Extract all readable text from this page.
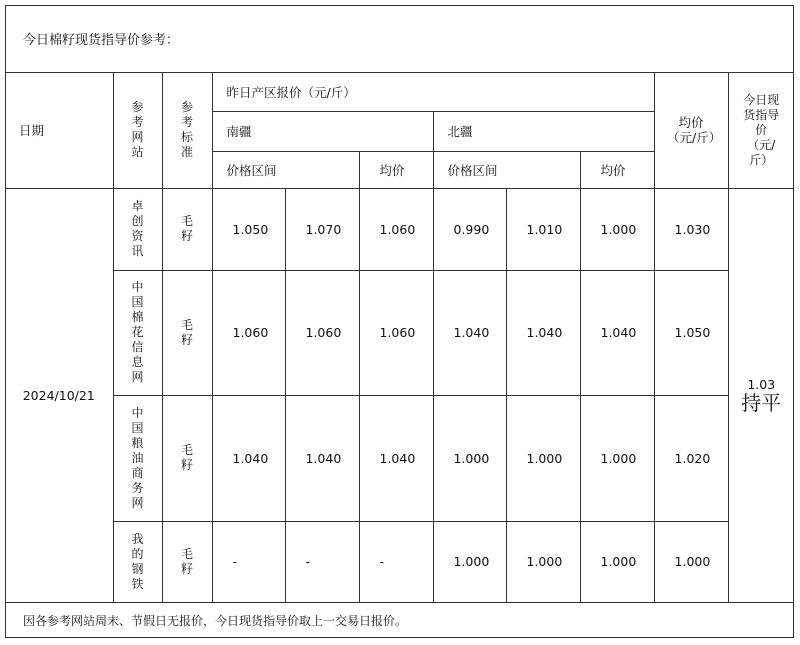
今日棉籽现货指导价参考：
日期	参考网站	参考标准	昨日产区报价（元/斤）						均价（元/斤）	今日现货指导价（元/斤）
			南疆			北疆				
			价格区间		均价	价格区间		均价		
2024/10/21	卓创资讯	毛籽	1.050	1.070	1.060	0.990	1.010	1.000	1.030	1.03
持平

	中国棉花信息网	毛籽	1.060	1.060	1.060	1.040	1.040	1.040	1.050	
	中国粮油商务网	毛籽	1.040	1.040	1.040	1.000	1.000	1.000	1.020	
	我的钢铁	毛籽	-	-	-	1.000	1.000	1.000	1.000	
因各参考网站周末、节假日无报价，今日现货指导价取上一交易日报价。
